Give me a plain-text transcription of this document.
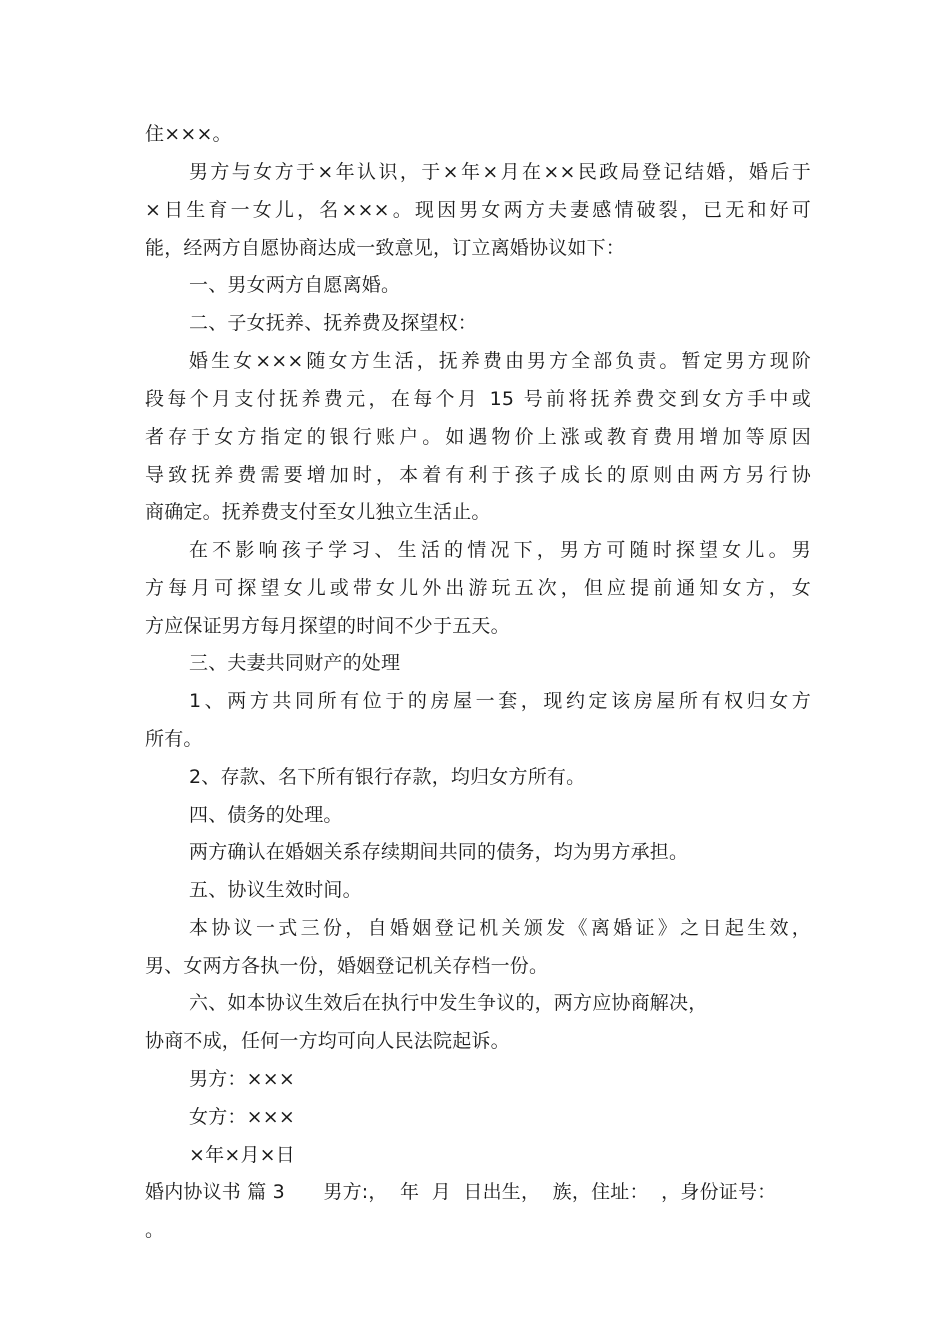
住×××。
男方与女方于×年认识，于×年×月在××民政局登记结婚，婚后于
×日生育一女儿，名×××。现因男女两方夫妻感情破裂，已无和好可
能，经两方自愿协商达成一致意见，订立离婚协议如下：
一、男女两方自愿离婚。
二、子女抚养、抚养费及探望权：
婚生女×××随女方生活，抚养费由男方全部负责。暂定男方现阶
段每个月支付抚养费元，在每个月 15 号前将抚养费交到女方手中或
者存于女方指定的银行账户。如遇物价上涨或教育费用增加等原因
导致抚养费需要增加时，本着有利于孩子成长的原则由两方另行协
商确定。抚养费支付至女儿独立生活止。
在不影响孩子学习、生活的情况下，男方可随时探望女儿。男
方每月可探望女儿或带女儿外出游玩五次，但应提前通知女方，女
方应保证男方每月探望的时间不少于五天。
三、夫妻共同财产的处理
1、两方共同所有位于的房屋一套，现约定该房屋所有权归女方
所有。
2、存款、名下所有银行存款，均归女方所有。
四、债务的处理。
两方确认在婚姻关系存续期间共同的债务，均为男方承担。
五、协议生效时间。
本协议一式三份，自婚姻登记机关颁发《离婚证》之日起生效，
男、女两方各执一份，婚姻登记机关存档一份。
六、如本协议生效后在执行中发生争议的，两方应协商解决，
协商不成，任何一方均可向人民法院起诉。
男方：×××
女方：×××
×年×月×日
婚内协议书 篇 3　　男方:，  年  月  日出生，  族，住址：  ，身份证号：
。
